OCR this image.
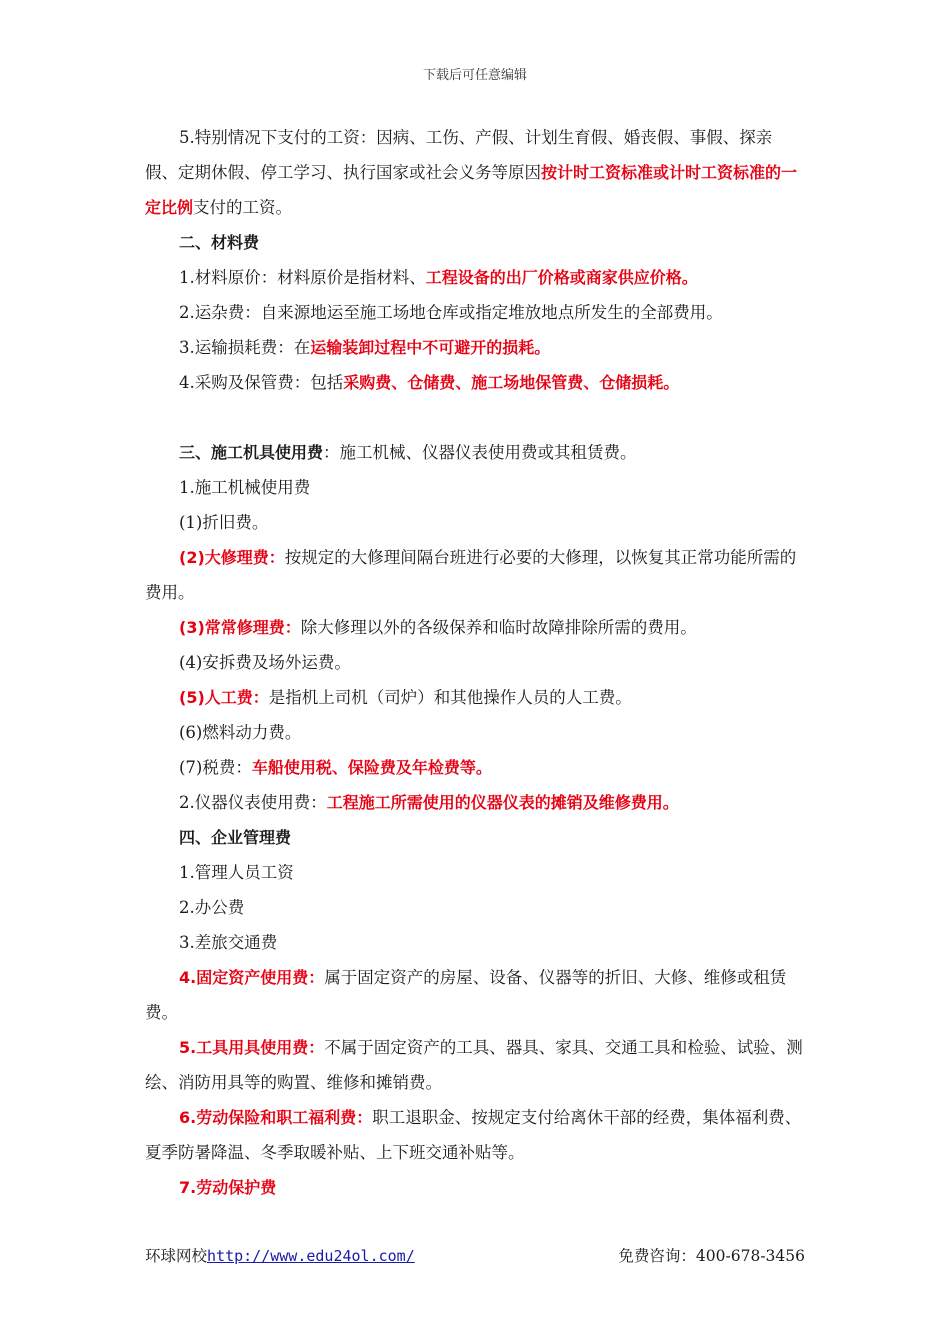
下载后可任意编辑

5.特别情况下支付的工资：因病、工伤、产假、计划生育假、婚丧假、事假、探亲假、定期休假、停工学习、执行国家或社会义务等原因按计时工资标准或计时工资标准的一定比例支付的工资。

二、材料费

1.材料原价：材料原价是指材料、工程设备的出厂价格或商家供应价格。

2.运杂费：自来源地运至施工场地仓库或指定堆放地点所发生的全部费用。

3.运输损耗费：在运输装卸过程中不可避开的损耗。

4.采购及保管费：包括采购费、仓储费、施工场地保管费、仓储损耗。

三、施工机具使用费：施工机械、仪器仪表使用费或其租赁费。

1.施工机械使用费

(1)折旧费。

(2)大修理费：按规定的大修理间隔台班进行必要的大修理，以恢复其正常功能所需的费用。

(3)常常修理费：除大修理以外的各级保养和临时故障排除所需的费用。

(4)安拆费及场外运费。

(5)人工费：是指机上司机（司炉）和其他操作人员的人工费。

(6)燃料动力费。

(7)税费：车船使用税、保险费及年检费等。

2.仪器仪表使用费：工程施工所需使用的仪器仪表的摊销及维修费用。

四、企业管理费

1.管理人员工资

2.办公费

3.差旅交通费

4.固定资产使用费：属于固定资产的房屋、设备、仪器等的折旧、大修、维修或租赁费。

5.工具用具使用费：不属于固定资产的工具、器具、家具、交通工具和检验、试验、测绘、消防用具等的购置、维修和摊销费。

6.劳动保险和职工福利费：职工退职金、按规定支付给离休干部的经费，集体福利费、夏季防暑降温、冬季取暖补贴、上下班交通补贴等。

7.劳动保护费

环球网校http://www.edu24ol.com/	免费咨询：400-678-3456
